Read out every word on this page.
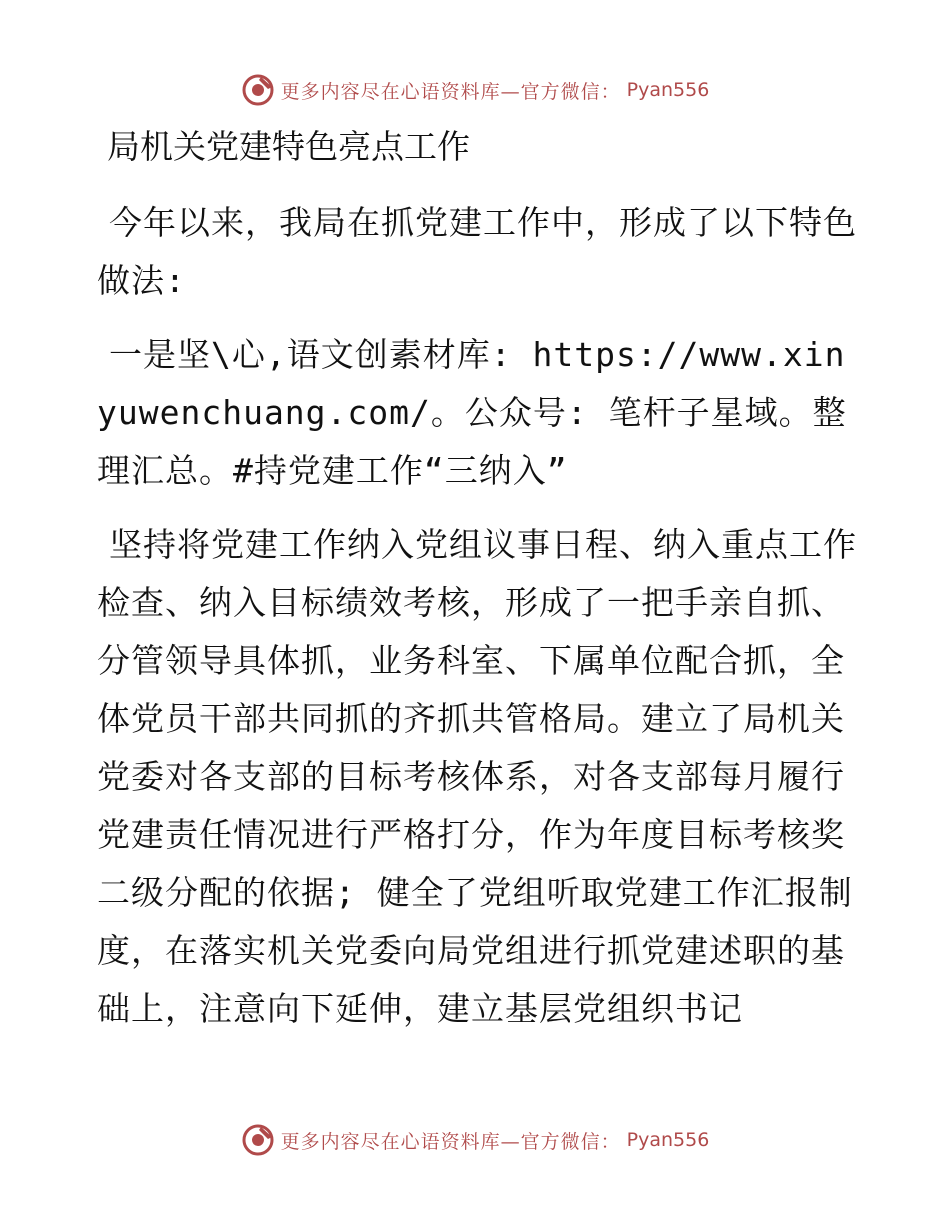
更多内容尽在心语资料库—官方微信： Pyan556
局机关党建特色亮点工作

今年以来，我局在抓党建工作中，形成了以下特色做法:

一是坚\心,语文创素材库: https://www.xinyuwenchuang.com/。公众号: 笔杆子星域。整理汇总。#持党建工作“三纳入”

坚持将党建工作纳入党组议事日程、纳入重点工作检查、纳入目标绩效考核，形成了一把手亲自抓、分管领导具体抓，业务科室、下属单位配合抓，全体党员干部共同抓的齐抓共管格局。建立了局机关党委对各支部的目标考核体系，对各支部每月履行党建责任情况进行严格打分，作为年度目标考核奖二级分配的依据; 健全了党组听取党建工作汇报制度，在落实机关党委向局党组进行抓党建述职的基础上，注意向下延伸，建立基层党组织书记

更多内容尽在心语资料库—官方微信： Pyan556
